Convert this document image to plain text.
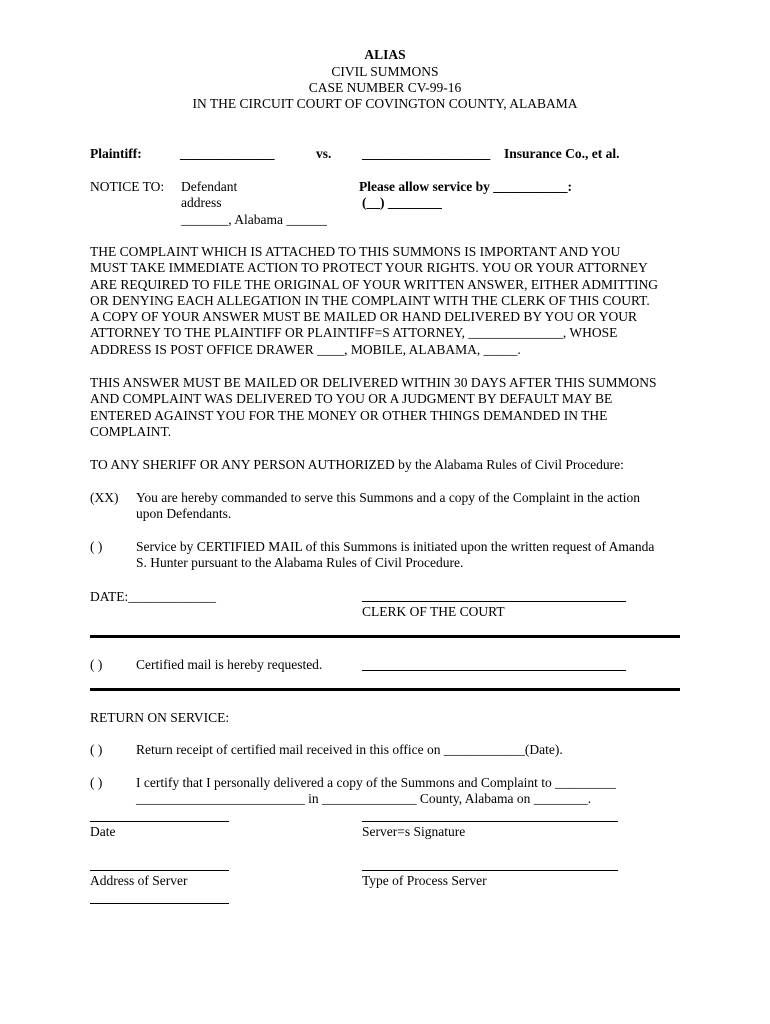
ALIAS
CIVIL SUMMONS
CASE NUMBER CV-99-16
IN THE CIRCUIT COURT OF COVINGTON COUNTY, ALABAMA
Plaintiff:	______________	vs. ___________________ Insurance Co., et al.
NOTICE TO: Defendant
address
_______, Alabama ______
Please allow service by ___________:
(__) ________

THE COMPLAINT WHICH IS ATTACHED TO THIS SUMMONS IS IMPORTANT AND YOU
MUST TAKE IMMEDIATE ACTION TO PROTECT YOUR RIGHTS. YOU OR YOUR ATTORNEY
ARE REQUIRED TO FILE THE ORIGINAL OF YOUR WRITTEN ANSWER, EITHER ADMITTING
OR DENYING EACH ALLEGATION IN THE COMPLAINT WITH THE CLERK OF THIS COURT.
A COPY OF YOUR ANSWER MUST BE MAILED OR HAND DELIVERED BY YOU OR YOUR
ATTORNEY TO THE PLAINTIFF OR PLAINTIFF=S ATTORNEY, ______________, WHOSE
ADDRESS IS POST OFFICE DRAWER ____, MOBILE, ALABAMA, _____.

THIS ANSWER MUST BE MAILED OR DELIVERED WITHIN 30 DAYS AFTER THIS SUMMONS
AND COMPLAINT WAS DELIVERED TO YOU OR A JUDGMENT BY DEFAULT MAY BE
ENTERED AGAINST YOU FOR THE MONEY OR OTHER THINGS DEMANDED IN THE
COMPLAINT.

TO ANY SHERIFF OR ANY PERSON AUTHORIZED by the Alabama Rules of Civil Procedure:
(XX) You are hereby commanded to serve this Summons and a copy of the Complaint in the action
upon Defendants.

( ) Service by CERTIFIED MAIL of this Summons is initiated upon the written request of Amanda
S. Hunter pursuant to the Alabama Rules of Civil Procedure.

DATE:_____________
CLERK OF THE COURT
( ) Certified mail is hereby requested.
RETURN ON SERVICE:
( ) Return receipt of certified mail received in this office on ____________(Date).
( ) I certify that I personally delivered a copy of the Summons and Complaint to _________
_________________________ in ______________ County, Alabama on ________.

Date	Server=s Signature
Address of Server	Type of Process Server
